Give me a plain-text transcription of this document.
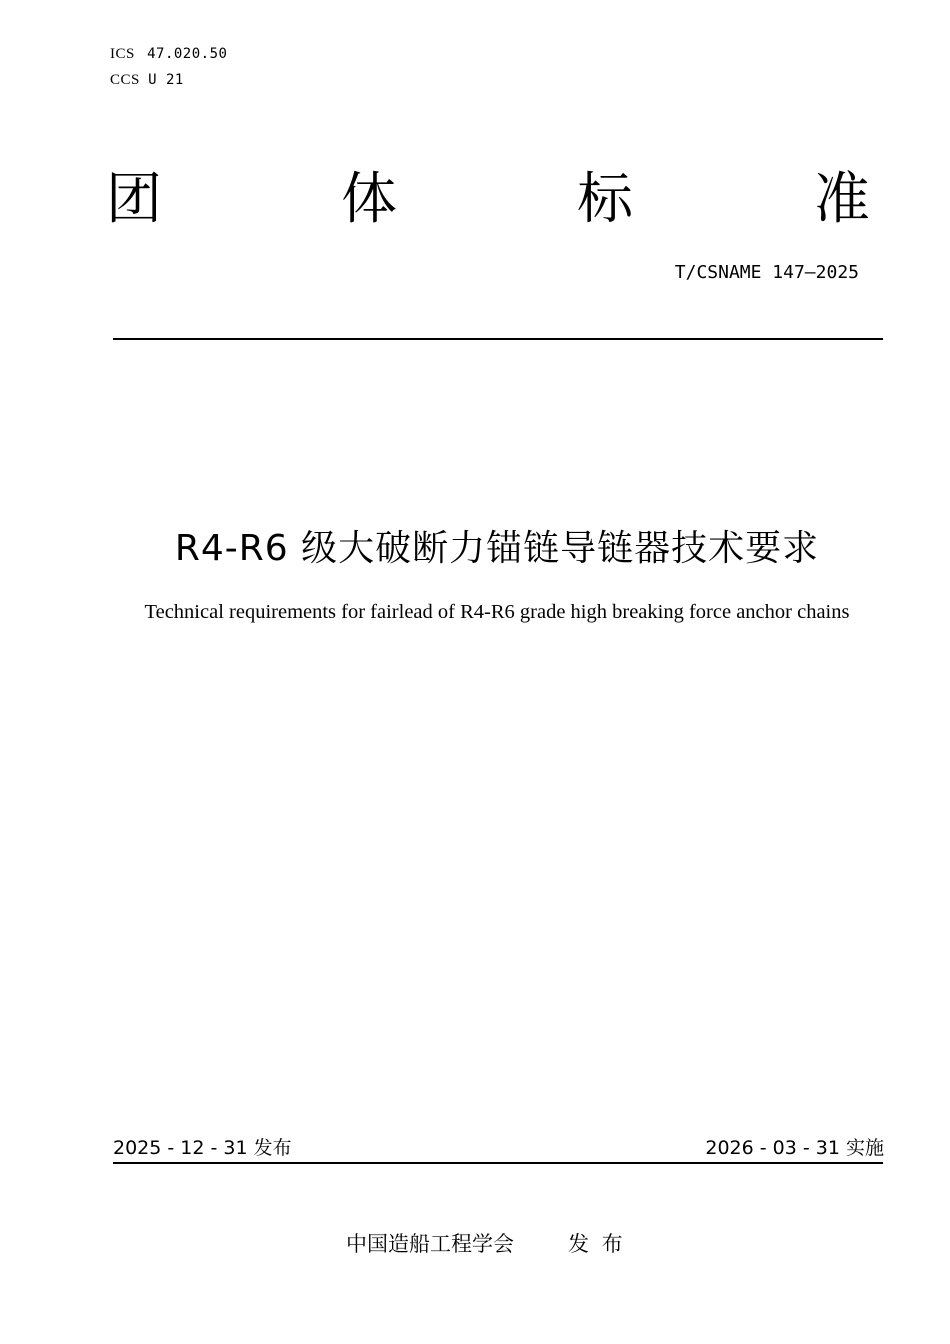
ICS 47.020.50
CCS U 21
团	体	标	准
T/CSNAME 147—2025
R4-R6 级大破断力锚链导链器技术要求
Technical requirements for fairlead of R4-R6 grade high breaking force anchor chains
2025 - 12 - 31 发布	2026 - 03 - 31 实施
中国造船工程学会	发 布
